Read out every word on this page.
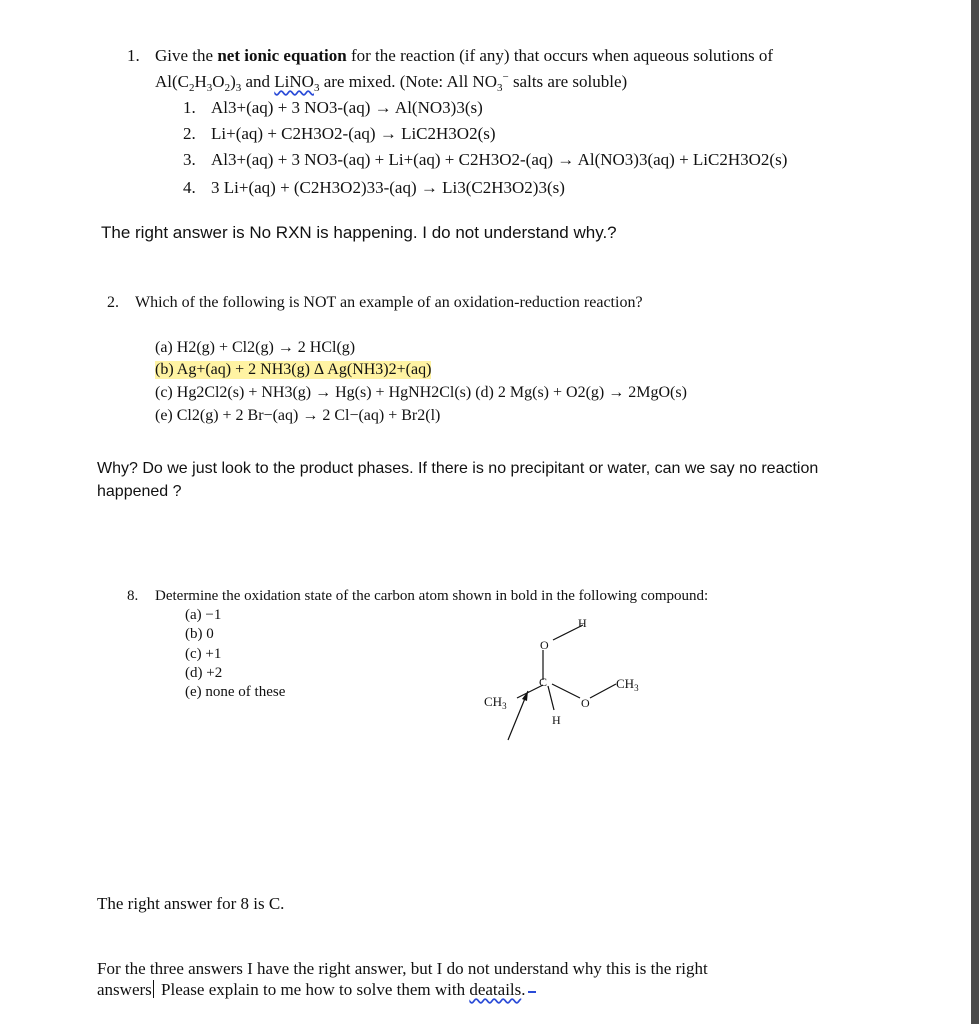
1. Give the net ionic equation for the reaction (if any) that occurs when aqueous solutions of
$Al(C_2H_3O_2)_3$ and LiNO$_3$ are mixed. (Note: All $NO_3^-$ salts are soluble)
1. Al3+(aq) + 3 NO3-(aq) → Al(NO3)3(s)
2. Li+(aq) + C2H3O2-(aq) → LiC2H3O2(s)
3. Al3+(aq) + 3 NO3-(aq) + Li+(aq) + C2H3O2-(aq) → Al(NO3)3(aq) + LiC2H3O2(s)
4. 3 Li+(aq) + (C2H3O2)33-(aq) → Li3(C2H3O2)3(s)
The right answer is No RXN is happening. I do not understand why.?
2. Which of the following is NOT an example of an oxidation-reduction reaction?
(a) H2(g) + Cl2(g) → 2 HCl(g)
(b) Ag+(aq) + 2 NH3(g) Δ Ag(NH3)2+(aq)
(c) Hg2Cl2(s) + NH3(g) → Hg(s) + HgNH2Cl(s) (d) 2 Mg(s) + O2(g) → 2MgO(s)
(e) Cl2(g) + 2 Br−(aq) → 2 Cl−(aq) + Br2(l)
Why? Do we just look to the product phases. If there is no precipitant or water, can we say no reaction happened ?
8. Determine the oxidation state of the carbon atom shown in bold in the following compound:
(a) −1
(b) 0
(c) +1
(d) +2
(e) none of these
H
O
C
O
$CH_3$
$CH_3$
H
The right answer for 8 is C.
For the three answers I have the right answer, but I do not understand why this is the right
answers Please explain to me how to solve them with deatails.
